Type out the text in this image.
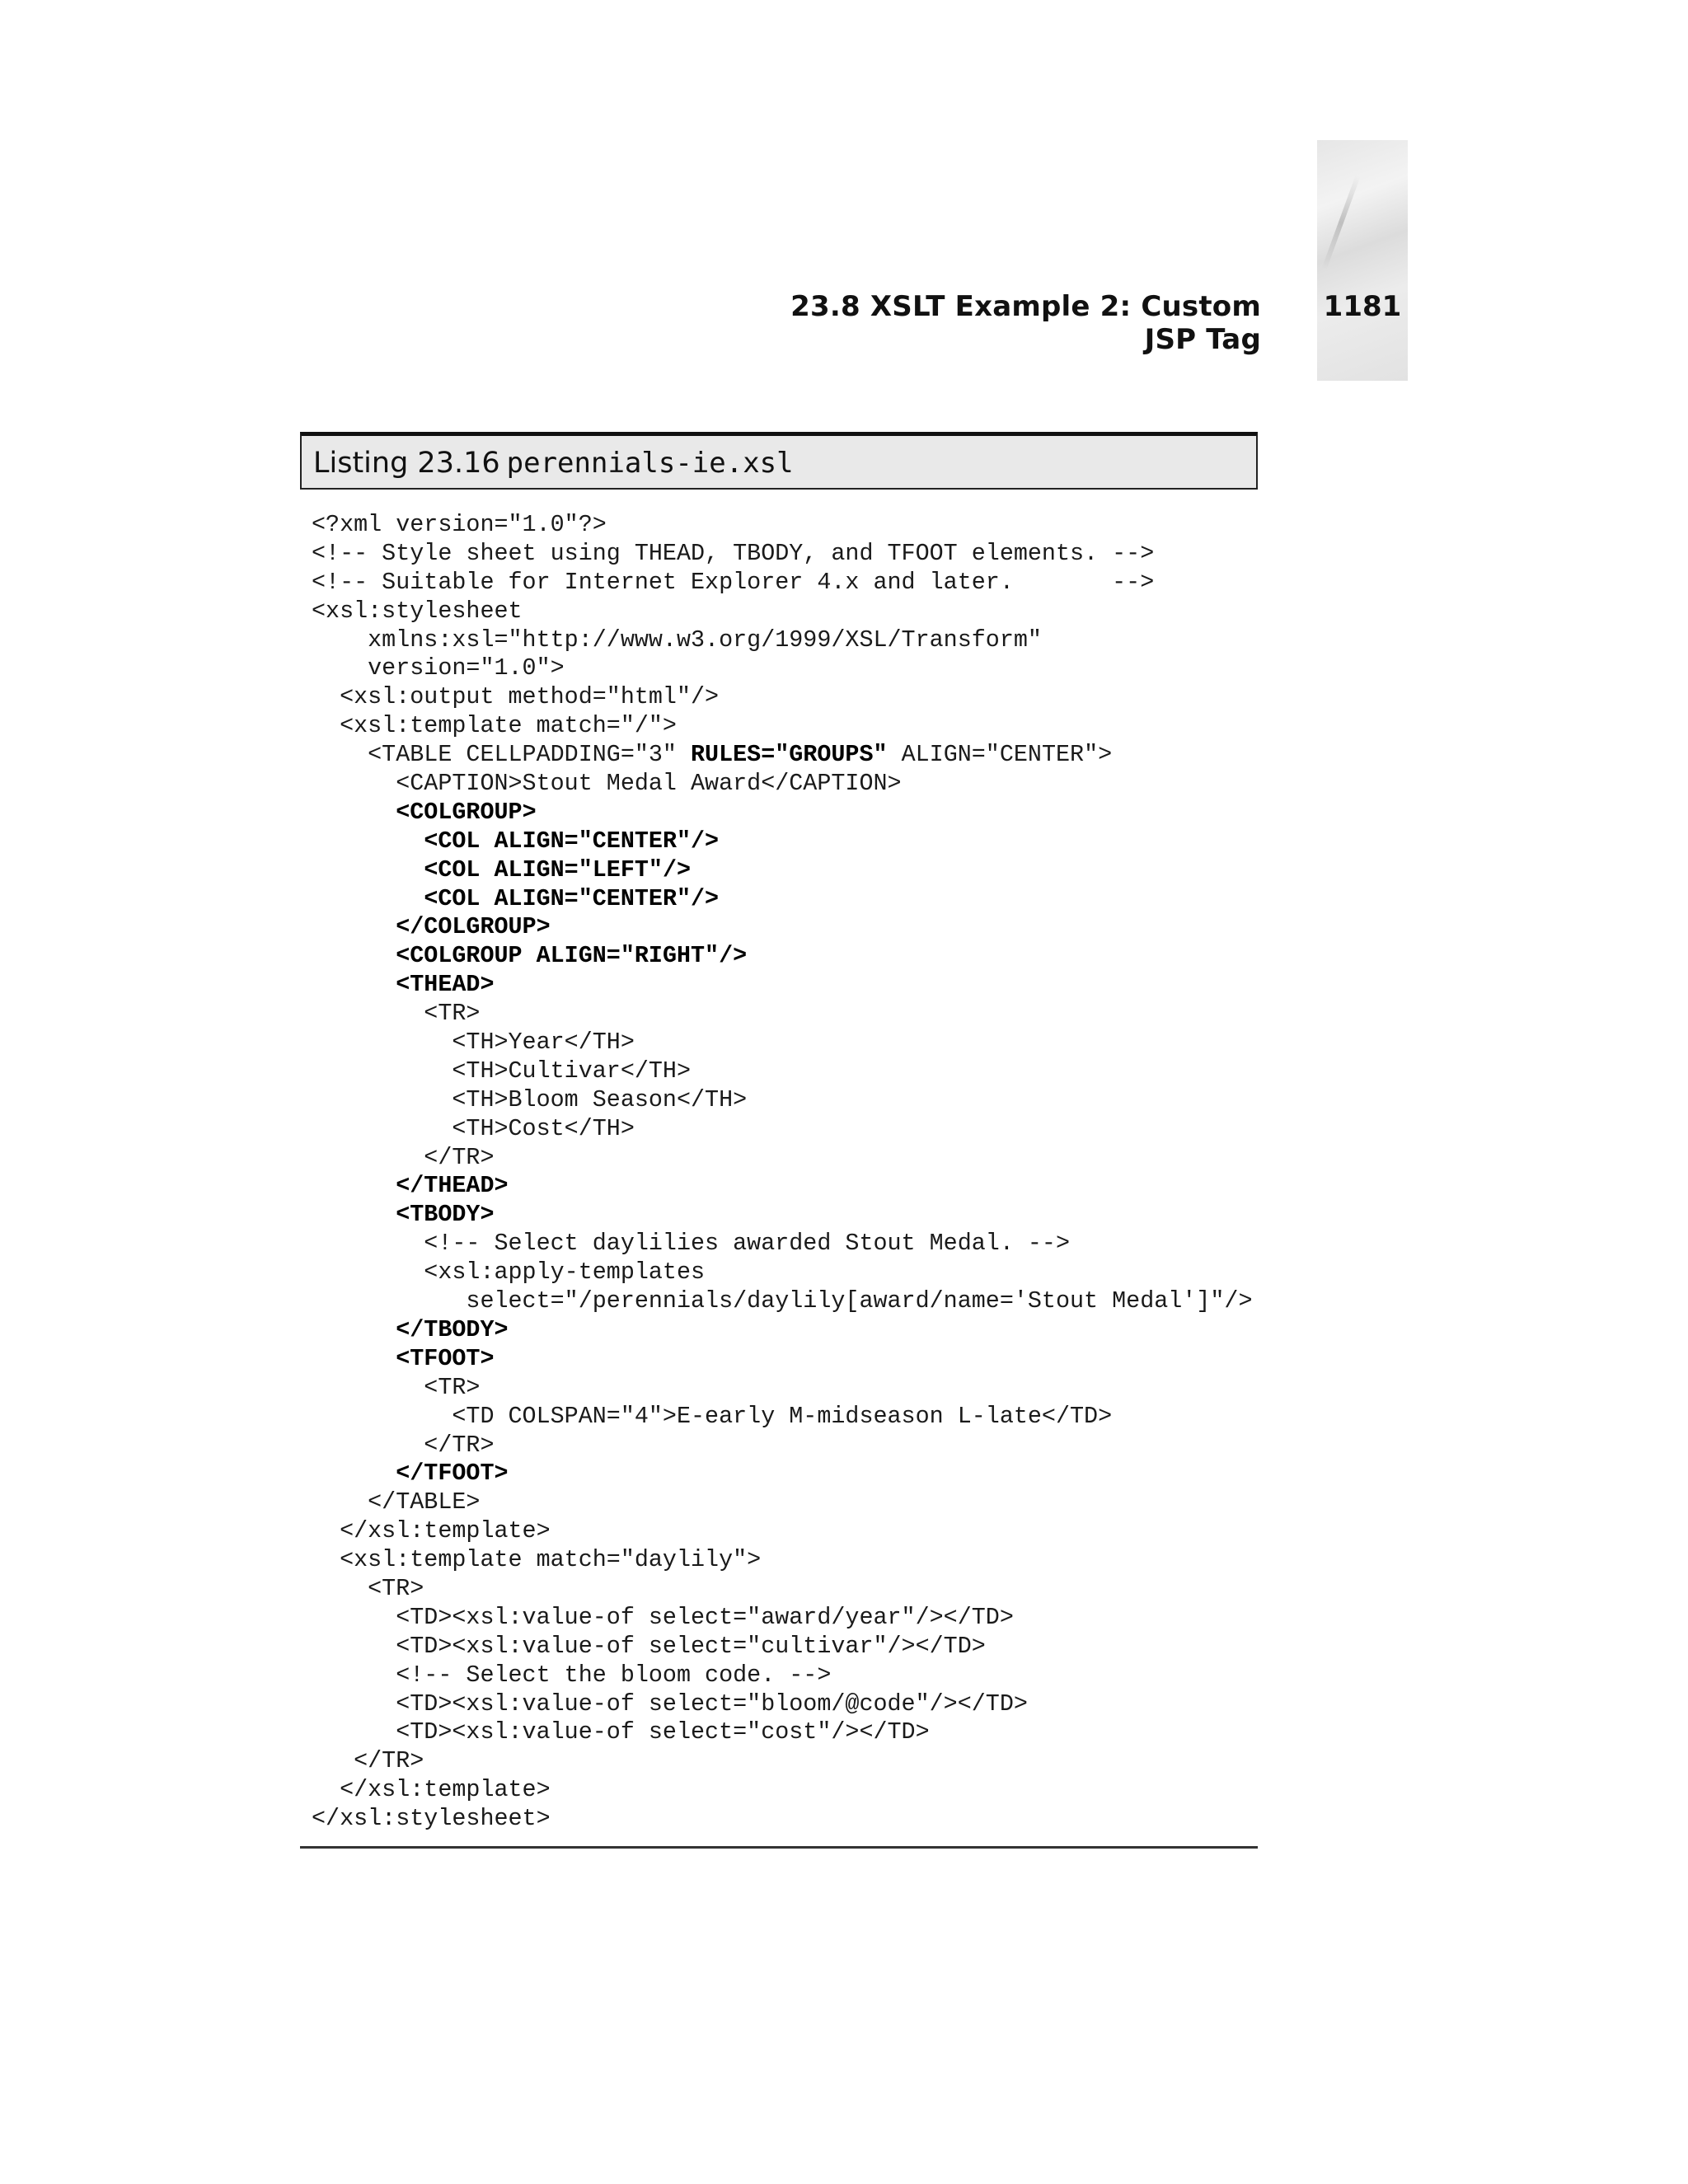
23.8 XSLT Example 2: Custom JSP Tag
1181
Listing 23.16 perennials-ie.xsl
<?xml version="1.0"?>
<!-- Style sheet using THEAD, TBODY, and TFOOT elements. -->
<!-- Suitable for Internet Explorer 4.x and later.       -->
<xsl:stylesheet
xmlns:xsl="http://www.w3.org/1999/XSL/Transform"
version="1.0">
<xsl:output method="html"/>
<xsl:template match="/">
<TABLE CELLPADDING="3" RULES="GROUPS" ALIGN="CENTER">
<CAPTION>Stout Medal Award</CAPTION>
<COLGROUP>
<COL ALIGN="CENTER"/>
<COL ALIGN="LEFT"/>
<COL ALIGN="CENTER"/>
</COLGROUP>
<COLGROUP ALIGN="RIGHT"/>
<THEAD>
<TR>
<TH>Year</TH>
<TH>Cultivar</TH>
<TH>Bloom Season</TH>
<TH>Cost</TH>
</TR>
</THEAD>
<TBODY>
<!-- Select daylilies awarded Stout Medal. -->
<xsl:apply-templates
select="/perennials/daylily[award/name='Stout Medal']"/>
</TBODY>
<TFOOT>
<TR>
<TD COLSPAN="4">E-early M-midseason L-late</TD>
</TR>
</TFOOT>
</TABLE>
</xsl:template>
<xsl:template match="daylily">
<TR>
<TD><xsl:value-of select="award/year"/></TD>
<TD><xsl:value-of select="cultivar"/></TD>
<!-- Select the bloom code. -->
<TD><xsl:value-of select="bloom/@code"/></TD>
<TD><xsl:value-of select="cost"/></TD>
</TR>
</xsl:template>
</xsl:stylesheet>
